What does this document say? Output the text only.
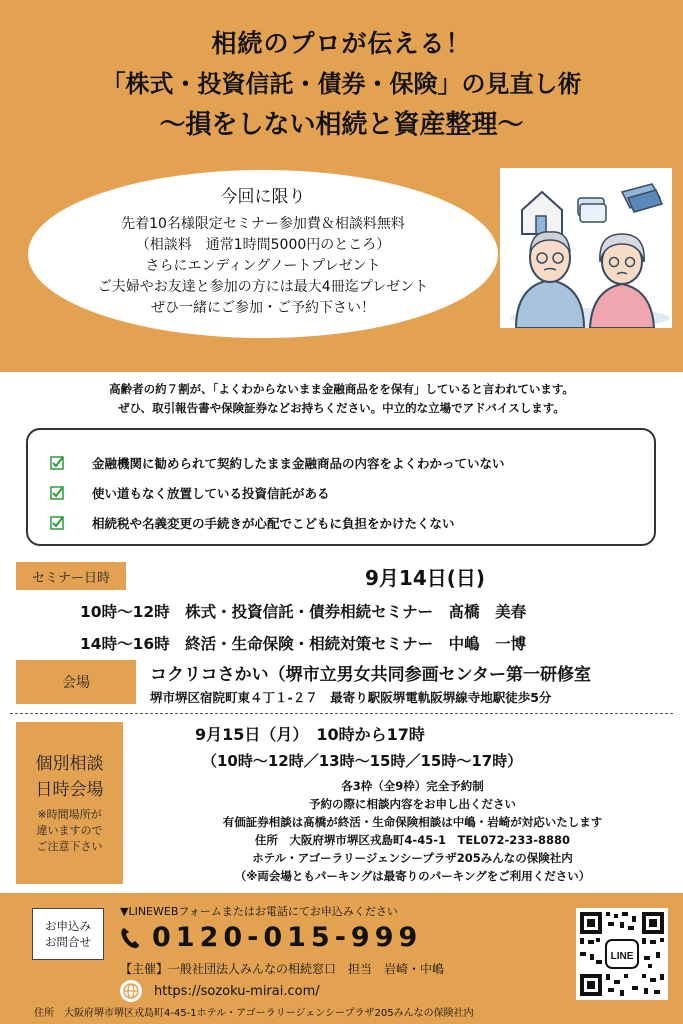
相続のプロが伝える！
「株式・投資信託・債券・保険」の見直し術
〜損をしない相続と資産整理〜
今回に限り
先着10名様限定セミナー参加費＆相談料無料
（相談料　通常1時間5000円のところ）
さらにエンディングノートプレゼント
ご夫婦やお友達と参加の方には最大4冊迄プレゼント
ぜひ一緒にご参加・ご予約下さい！
高齢者の約７割が、「よくわからないまま金融商品をを保有」していると言われています。
ぜひ、取引報告書や保険証券などお持ちください。中立的な立場でアドバイスします。
金融機関に勧められて契約したまま金融商品の内容をよくわかっていない
使い道もなく放置している投資信託がある
相続税や名義変更の手続きが心配でこどもに負担をかけたくない
セミナー日時	9月14日(日)
10時〜12時　株式・投資信託・債券相続セミナー　髙橋　美春
14時〜16時　終活・生命保険・相続対策セミナー　中嶋　一博
会場	コクリコさかい（堺市立男女共同参画センター第一研修室
堺市堺区宿院町東４丁１-２７　最寄り駅阪堺電軌阪堺線寺地駅徒歩5分
個別相談
日時会場
※時間場所が
違いますので
ご注意下さい
9月15日（月）　10時から17時
（10時〜12時／13時〜15時／15時〜17時）
各3枠（全9枠）完全予約制
予約の際に相談内容をお申し出ください
有価証券相談は髙橋が終活・生命保険相談は中嶋・岩崎が対応いたします
住所　大阪府堺市堺区戎島町4-45-1　TEL072-233-8880
ホテル・アゴーラリージェンシープラザ205みんなの保険社内
（※両会場ともパーキングは最寄りのパーキングをご利用ください）
お申込み
お問合せ
▼LINEWEBフォームまたはお電話にてお申込みください
0120-015-999
【主催】一般社団法人みんなの相続窓口　担当　岩崎・中嶋
https://sozoku-mirai.com/
住所　大阪府堺市堺区戎島町4-45-1ホテル・アゴーラリージェンシープラザ205みんなの保険社内
LINE
